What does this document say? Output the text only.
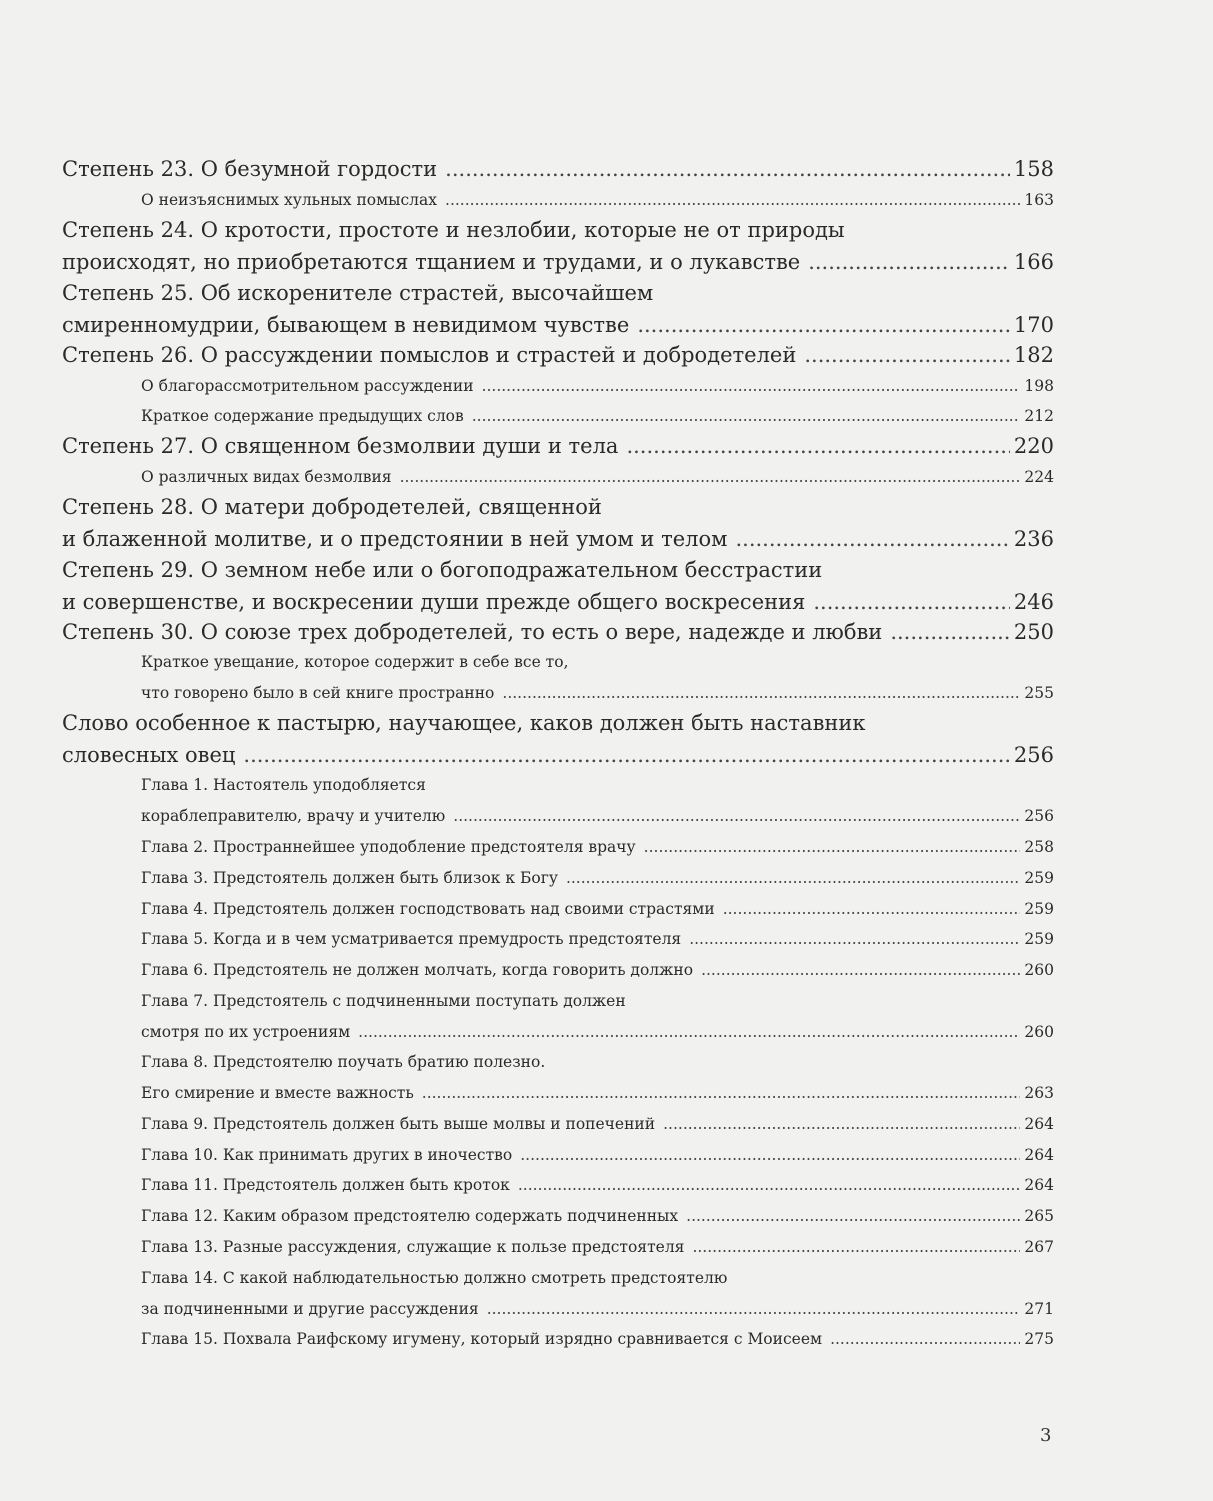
Степень 23. О безумной гордости .....	158
О неизъяснимых хульных помыслах .....	163
Степень 24. О кротости, простоте и незлобии, которые не от природы
происходят, но приобретаются тщанием и трудами, и о лукавстве .....	166
Степень 25. Об искоренителе страстей, высочайшем
смиренномудрии, бывающем в невидимом чувстве .....	170
Степень 26. О рассуждении помыслов и страстей и добродетелей .....	182
О благорассмотрительном рассуждении .....	198
Краткое содержание предыдущих слов .....	212
Степень 27. О священном безмолвии души и тела .....	220
О различных видах безмолвия .....	224
Степень 28. О матери добродетелей, священной
и блаженной молитве, и о предстоянии в ней умом и телом .....	236
Степень 29. О земном небе или о богоподражательном бесстрастии
и совершенстве, и воскресении души прежде общего воскресения .....	246
Степень 30. О союзе трех добродетелей, то есть о вере, надежде и любви .....	250
Краткое увещание, которое содержит в себе все то,
что говорено было в сей книге пространно .....	255
Слово особенное к пастырю, научающее, каков должен быть наставник
словесных овец .....	256
Глава 1. Настоятель уподобляется
кораблеправителю, врачу и учителю .....	256
Глава 2. Пространнейшее уподобление предстоятеля врачу .....	258
Глава 3. Предстоятель должен быть близок к Богу .....	259
Глава 4. Предстоятель должен господствовать над своими страстями .....	259
Глава 5. Когда и в чем усматривается премудрость предстоятеля .....	259
Глава 6. Предстоятель не должен молчать, когда говорить должно .....	260
Глава 7. Предстоятель с подчиненными поступать должен
смотря по их устроениям .....	260
Глава 8. Предстоятелю поучать братию полезно.
Его смирение и вместе важность .....	263
Глава 9. Предстоятель должен быть выше молвы и попечений .....	264
Глава 10. Как принимать других в иночество .....	264
Глава 11. Предстоятель должен быть кроток .....	264
Глава 12. Каким образом предстоятелю содержать подчиненных .....	265
Глава 13. Разные рассуждения, служащие к пользе предстоятеля .....	267
Глава 14. С какой наблюдательностью должно смотреть предстоятелю
за подчиненными и другие рассуждения .....	271
Глава 15. Похвала Раифскому игумену, который изрядно сравнивается с Моисеем .....	275
3
